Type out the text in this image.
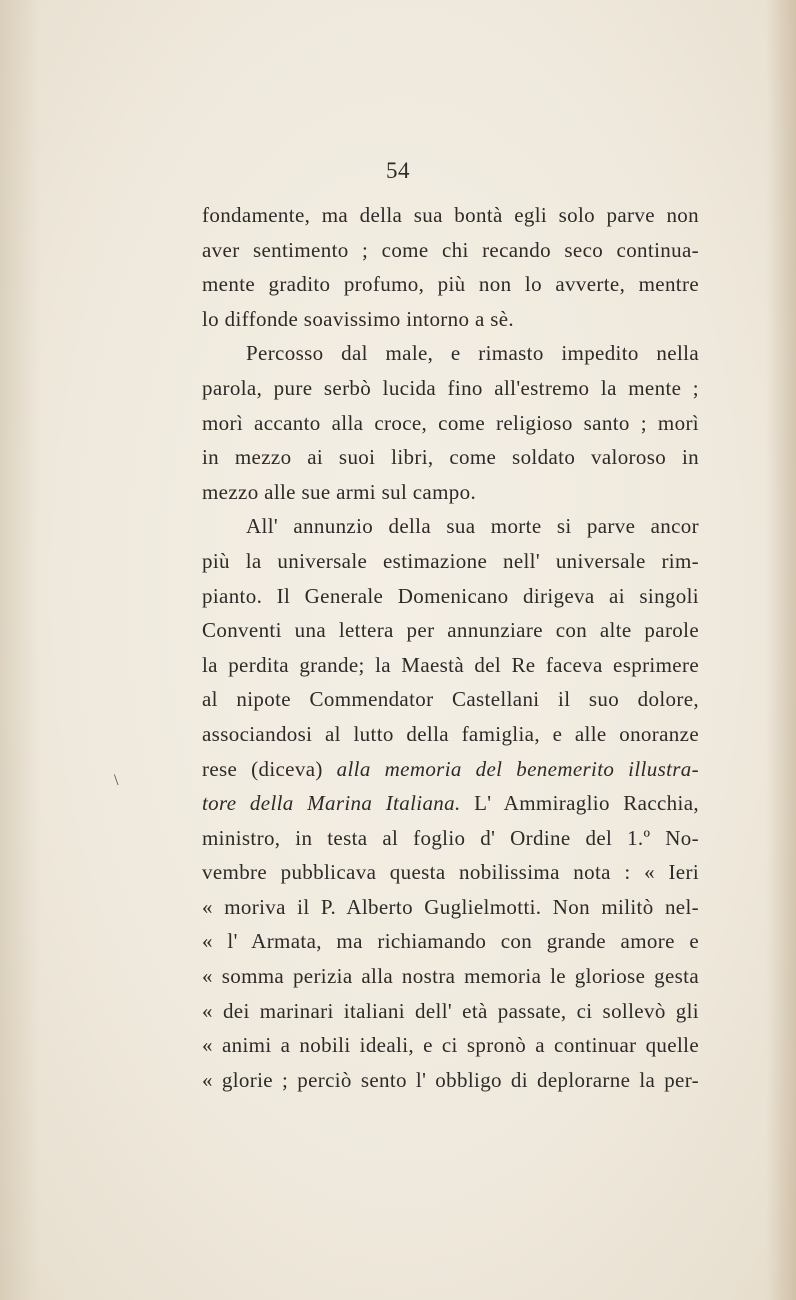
54
\
fondamente, ma della sua bontà egli solo parve non
aver sentimento ; come chi recando seco continua-
mente gradito profumo, più non lo avverte, mentre
lo diffonde soavissimo intorno a sè.
Percosso dal male, e rimasto impedito nella
parola, pure serbò lucida fino all'estremo la mente ;
morì accanto alla croce, come religioso santo ; morì
in mezzo ai suoi libri, come soldato valoroso in
mezzo alle sue armi sul campo.
All' annunzio della sua morte si parve ancor
più la universale estimazione nell' universale rim-
pianto. Il Generale Domenicano dirigeva ai singoli
Conventi una lettera per annunziare con alte parole
la perdita grande; la Maestà del Re faceva esprimere
al nipote Commendator Castellani il suo dolore,
associandosi al lutto della famiglia, e alle onoranze
rese (diceva) alla memoria del benemerito illustra-
tore della Marina Italiana. L' Ammiraglio Racchia,
ministro, in testa al foglio d' Ordine del 1.º No-
vembre pubblicava questa nobilissima nota : « Ieri
« moriva il P. Alberto Guglielmotti. Non militò nel-
« l' Armata, ma richiamando con grande amore e
« somma perizia alla nostra memoria le gloriose gesta
« dei marinari italiani dell' età passate, ci sollevò gli
« animi a nobili ideali, e ci spronò a continuar quelle
« glorie ; perciò sento l' obbligo di deplorarne la per-
